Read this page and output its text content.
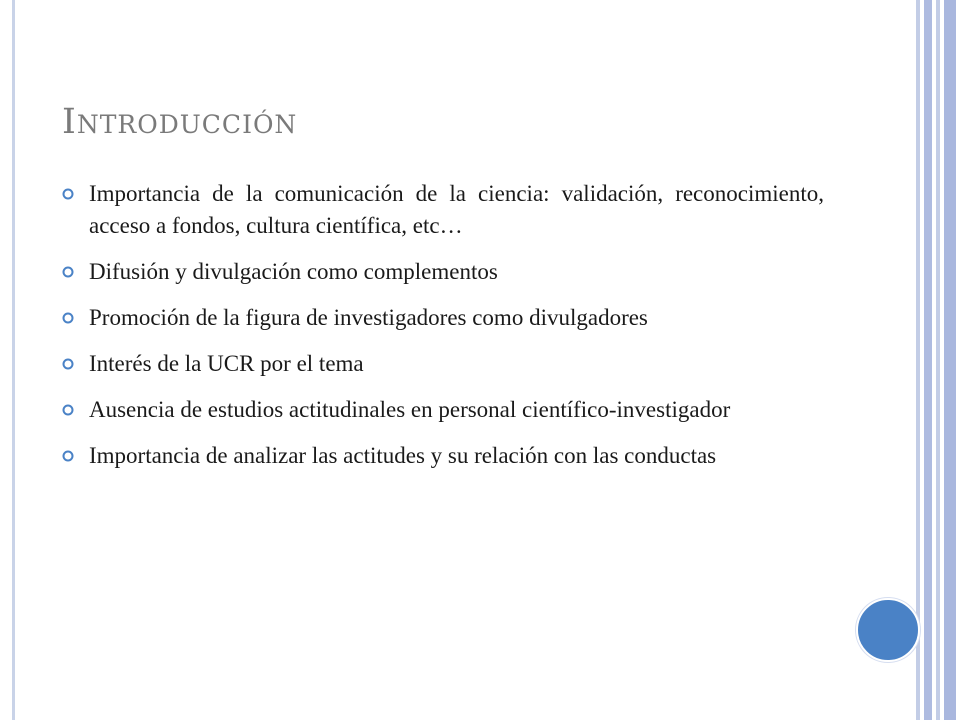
Introducción
Importancia de la comunicación de la ciencia: validación, reconocimiento, acceso a fondos, cultura científica, etc…
Difusión y divulgación como complementos
Promoción de la figura de investigadores como divulgadores
Interés de la UCR por el tema
Ausencia de estudios actitudinales en personal científico-investigador
Importancia de analizar las actitudes y su relación con las conductas
